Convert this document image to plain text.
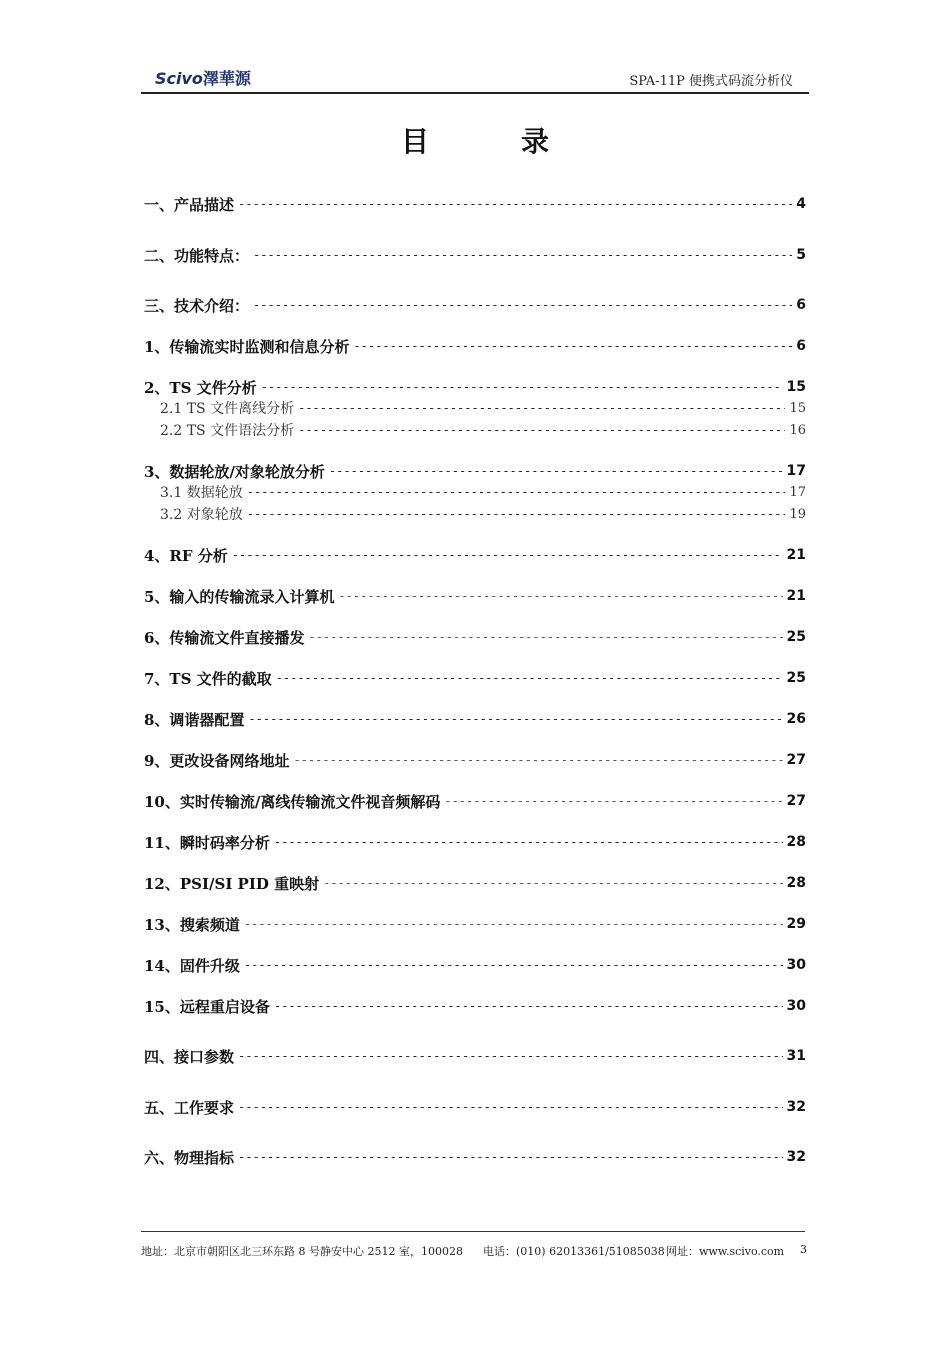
Scivo澤華源	SPA-11P 便携式码流分析仪
目	录
一、产品描述 -----	4
二、功能特点： -----	5
三、技术介绍： -----	6
1、传输流实时监测和信息分析 -----	6
2、TS 文件分析 -----	15
2.1 TS 文件离线分析 -----	15
2.2 TS 文件语法分析 -----	16
3、数据轮放/对象轮放分析 -----	17
3.1 数据轮放 -----	17
3.2 对象轮放 -----	19
4、RF 分析 -----	21
5、输入的传输流录入计算机 -----	21
6、传输流文件直接播发 -----	25
7、TS 文件的截取 -----	25
8、调谐器配置 -----	26
9、更改设备网络地址 -----	27
10、实时传输流/离线传输流文件视音频解码 -----	27
11、瞬时码率分析 -----	28
12、PSI/SI PID 重映射 -----	28
13、搜索频道 -----	29
14、固件升级 -----	30
15、远程重启设备 -----	30
四、接口参数 -----	31
五、工作要求 -----	32
六、物理指标 -----	32
地址：北京市朝阳区北三环东路 8 号静安中心 2512 室，100028	电话：(010) 62013361/51085038 网址：www.scivo.com	3
